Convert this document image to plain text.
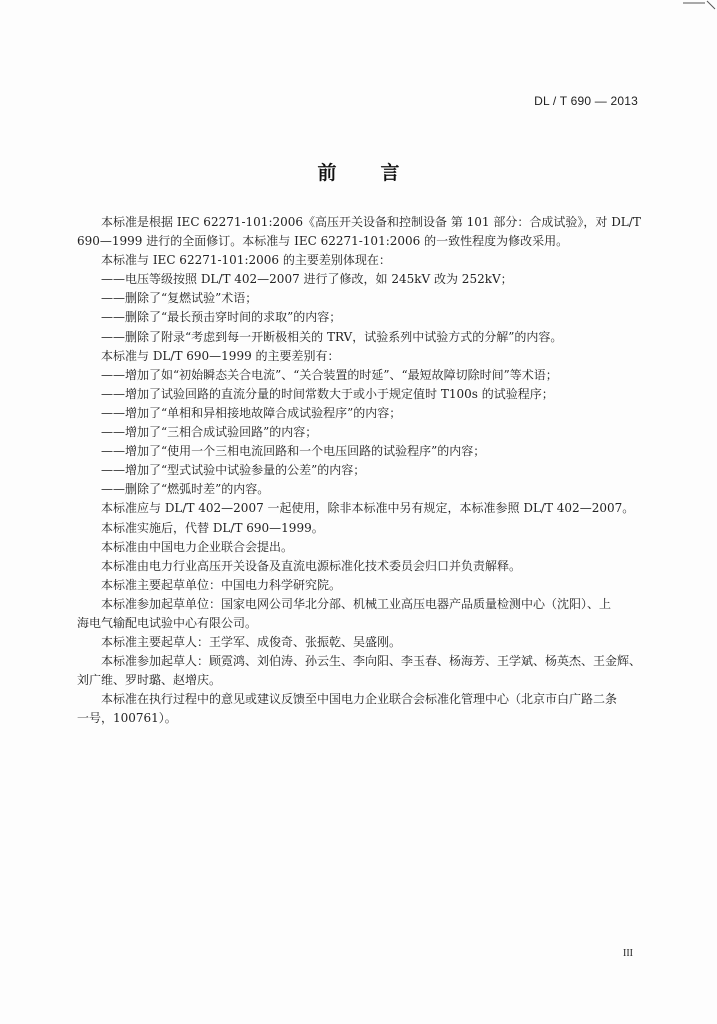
DL / T 690 — 2013
前言

本标准是根据 IEC 62271-101:2006《高压开关设备和控制设备 第 101 部分：合成试验》，对 DL/T

690—1999 进行的全面修订。本标准与 IEC 62271-101:2006 的一致性程度为修改采用。

本标准与 IEC 62271-101:2006 的主要差别体现在：

——电压等级按照 DL/T 402—2007 进行了修改，如 245kV 改为 252kV；

——删除了“复燃试验”术语；

——删除了“最长预击穿时间的求取”的内容；

——删除了附录“考虑到每一开断极相关的 TRV，试验系列中试验方式的分解”的内容。

本标准与 DL/T 690—1999 的主要差别有：

——增加了如“初始瞬态关合电流”、“关合装置的时延”、“最短故障切除时间”等术语；

——增加了试验回路的直流分量的时间常数大于或小于规定值时 T100s 的试验程序；

——增加了“单相和异相接地故障合成试验程序”的内容；

——增加了“三相合成试验回路”的内容；

——增加了“使用一个三相电流回路和一个电压回路的试验程序”的内容；

——增加了“型式试验中试验参量的公差”的内容；

——删除了“燃弧时差”的内容。

本标准应与 DL/T 402—2007 一起使用，除非本标准中另有规定，本标准参照 DL/T 402—2007。

本标准实施后，代替 DL/T 690—1999。

本标准由中国电力企业联合会提出。

本标准由电力行业高压开关设备及直流电源标准化技术委员会归口并负责解释。

本标准主要起草单位：中国电力科学研究院。

本标准参加起草单位：国家电网公司华北分部、机械工业高压电器产品质量检测中心（沈阳）、上

海电气输配电试验中心有限公司。

本标准主要起草人：王学军、成俊奇、张振乾、吴盛刚。

本标准参加起草人：顾霓鸿、刘伯涛、孙云生、李向阳、李玉春、杨海芳、王学斌、杨英杰、王金辉、

刘广维、罗时璐、赵增庆。

本标准在执行过程中的意见或建议反馈至中国电力企业联合会标准化管理中心（北京市白广路二条

一号，100761）。

III
